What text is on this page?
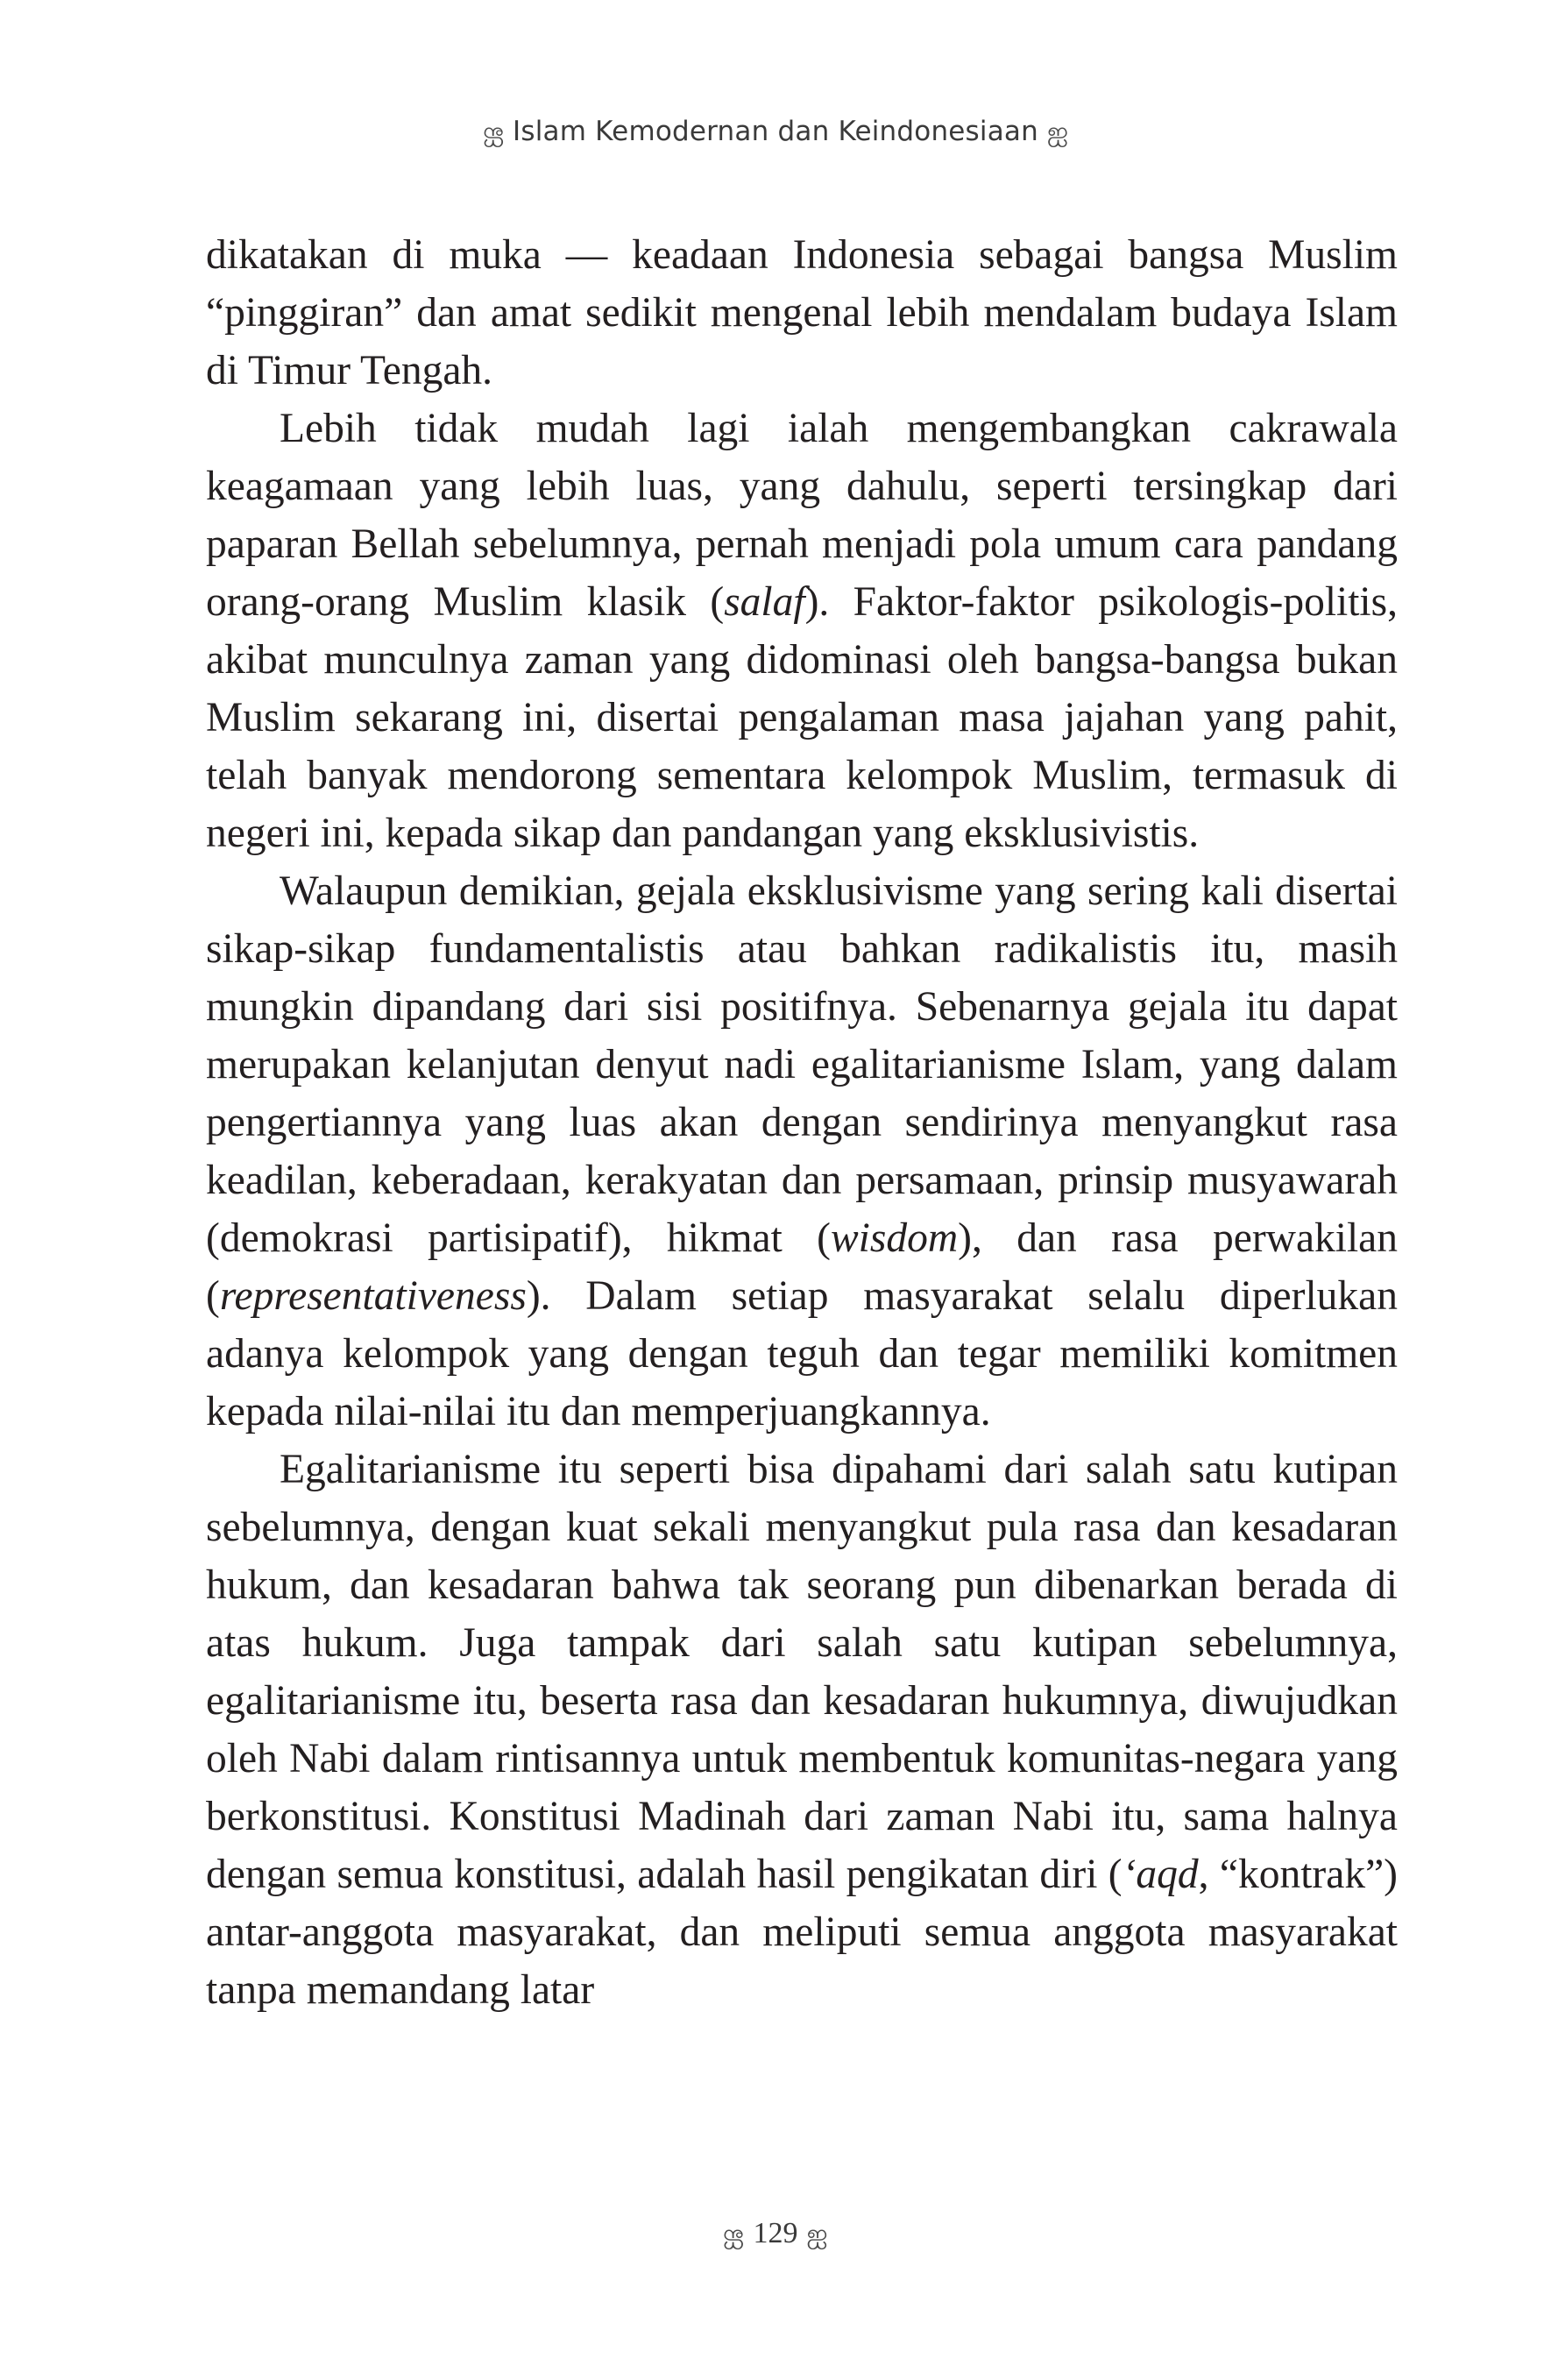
ஐ Islam Kemodernan dan Keindonesiaan ஐ

dikatakan di muka — keadaan Indonesia sebagai bangsa Muslim “pinggiran” dan amat sedikit mengenal lebih mendalam budaya Islam di Timur Tengah.

Lebih tidak mudah lagi ialah mengembangkan cakrawala keagamaan yang lebih luas, yang dahulu, seperti tersingkap dari paparan Bellah sebelumnya, pernah menjadi pola umum cara pandang orang-orang Muslim klasik (salaf). Faktor-faktor psikologis-politis, akibat munculnya zaman yang didominasi oleh bangsa-bangsa bukan Muslim sekarang ini, disertai pengalaman masa jajahan yang pahit, telah banyak mendorong sementara kelompok Muslim, termasuk di negeri ini, kepada sikap dan pandangan yang eksklusivistis.

Walaupun demikian, gejala eksklusivisme yang sering kali disertai sikap-sikap fundamentalistis atau bahkan radikalistis itu, masih mungkin dipandang dari sisi positifnya. Sebenarnya gejala itu dapat merupakan kelanjutan denyut nadi egalitarianisme Islam, yang dalam pengertiannya yang luas akan dengan sendirinya menyangkut rasa keadilan, keberadaan, kerakyatan dan persamaan, prinsip musyawarah (demokrasi partisipatif), hikmat (wisdom), dan rasa perwakilan (representativeness). Dalam setiap masyarakat selalu diperlukan adanya kelompok yang dengan teguh dan tegar memiliki komitmen kepada nilai-nilai itu dan memperjuangkannya.

Egalitarianisme itu seperti bisa dipahami dari salah satu kutipan sebelumnya, dengan kuat sekali menyangkut pula rasa dan kesadaran hukum, dan kesadaran bahwa tak seorang pun dibenarkan berada di atas hukum. Juga tampak dari salah satu kutipan sebelumnya, egalitarianisme itu, beserta rasa dan kesadaran hukumnya, diwujudkan oleh Nabi dalam rintisannya untuk membentuk komunitas-negara yang berkonstitusi. Konstitusi Madinah dari zaman Nabi itu, sama halnya dengan semua konstitusi, adalah hasil pengikatan diri (‘aqd, “kontrak”) antar-anggota masyarakat, dan meliputi semua anggota masyarakat tanpa memandang latar

ஐ 129 ஐ
